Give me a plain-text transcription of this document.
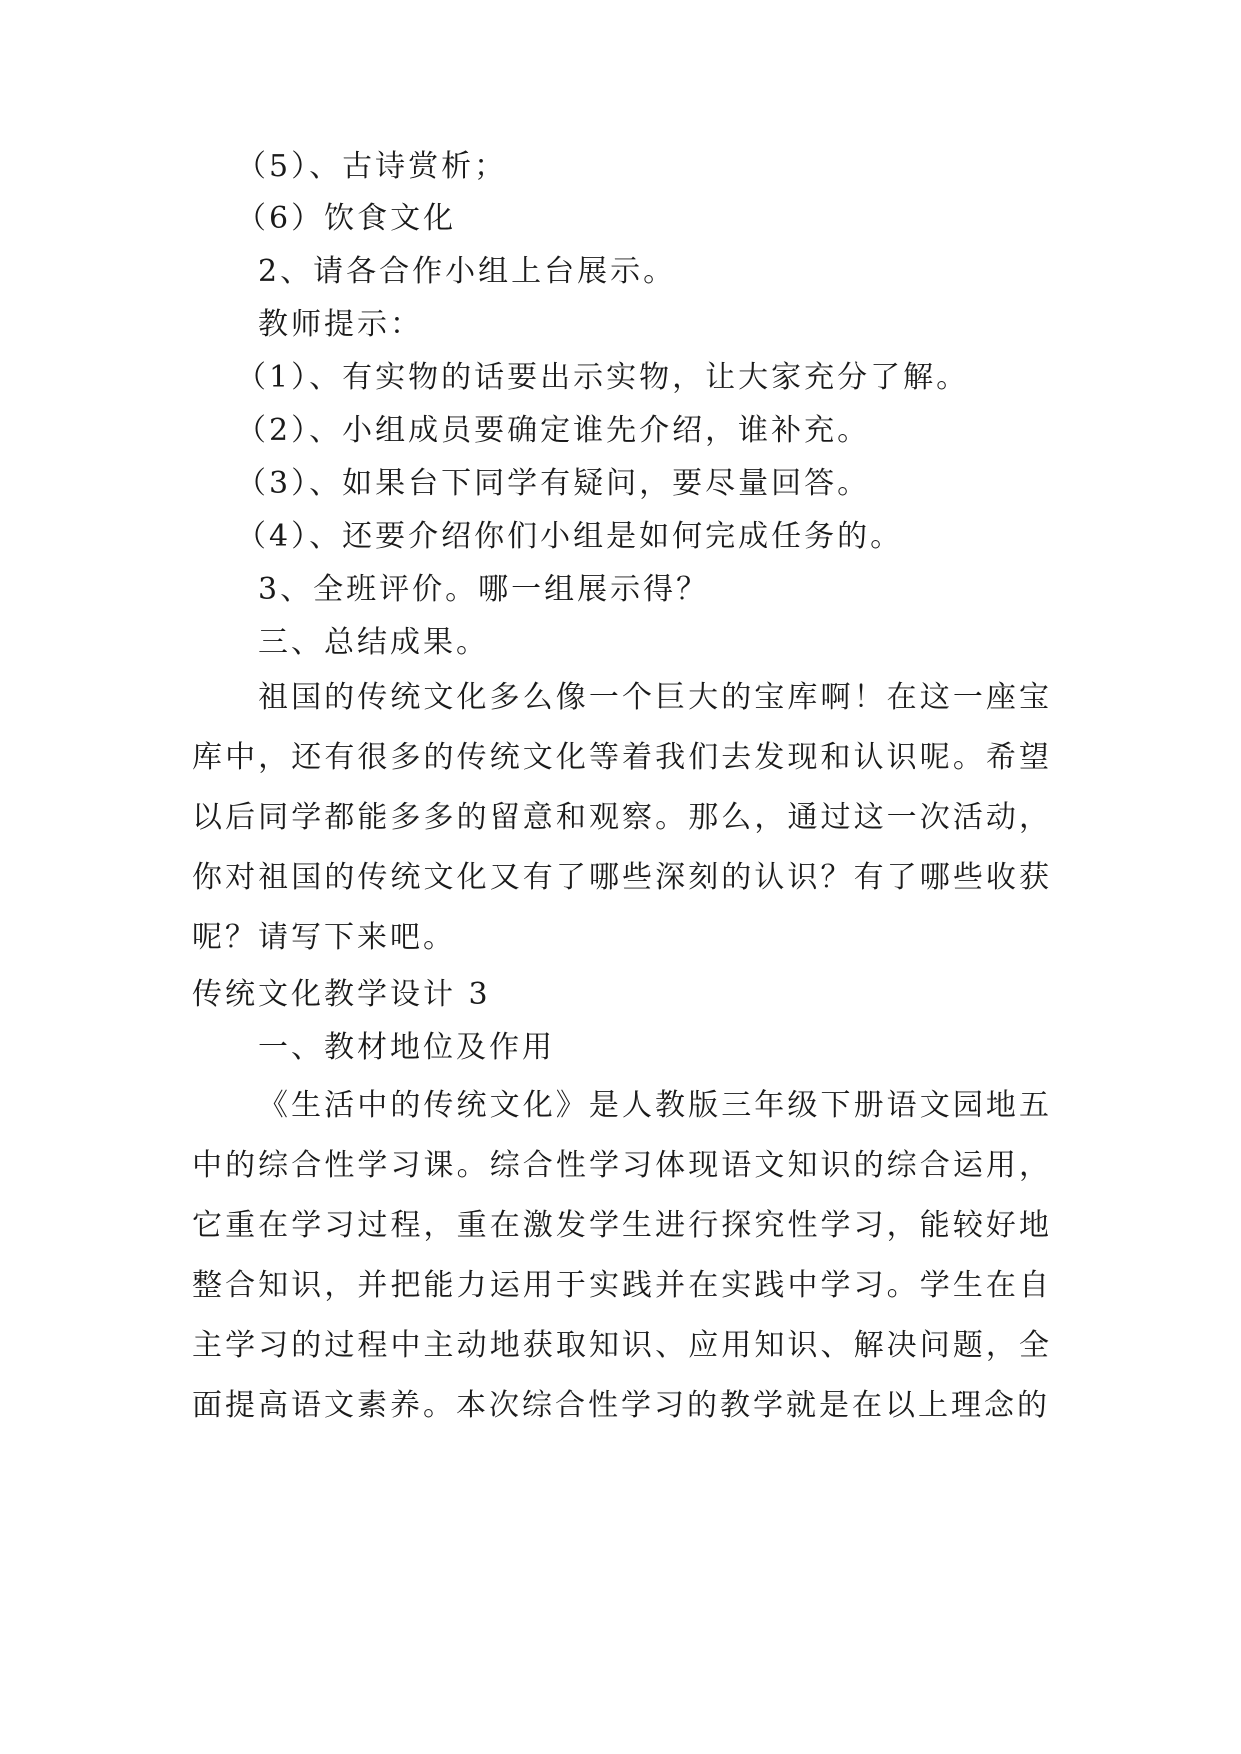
（5）、古诗赏析；
（6）饮食文化
2、请各合作小组上台展示。
教师提示：
（1）、有实物的话要出示实物，让大家充分了解。
（2）、小组成员要确定谁先介绍，谁补充。
（3）、如果台下同学有疑问，要尽量回答。
（4）、还要介绍你们小组是如何完成任务的。
3、全班评价。哪一组展示得？
三、总结成果。
祖国的传统文化多么像一个巨大的宝库啊！在这一座宝库中，还有很多的传统文化等着我们去发现和认识呢。希望以后同学都能多多的留意和观察。那么，通过这一次活动，你对祖国的传统文化又有了哪些深刻的认识？有了哪些收获呢？请写下来吧。
传统文化教学设计 3
一、教材地位及作用
《生活中的传统文化》是人教版三年级下册语文园地五中的综合性学习课。综合性学习体现语文知识的综合运用，它重在学习过程，重在激发学生进行探究性学习，能较好地整合知识，并把能力运用于实践并在实践中学习。学生在自主学习的过程中主动地获取知识、应用知识、解决问题，全面提高语文素养。本次综合性学习的教学就是在以上理念的
